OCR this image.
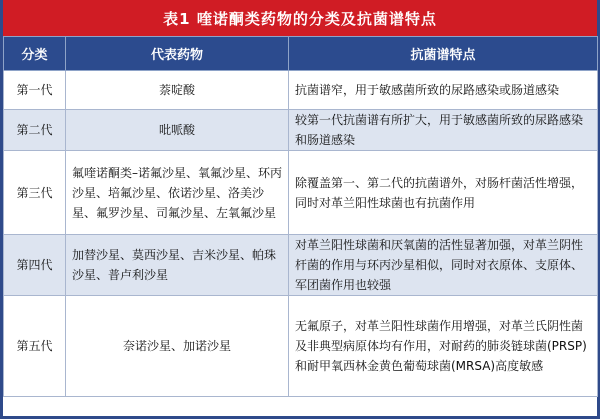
表1 喹诺酮类药物的分类及抗菌谱特点
分类	代表药物	抗菌谱特点
第一代	萘啶酸	抗菌谱窄，用于敏感菌所致的尿路感染或肠道感染
第二代	吡哌酸	较第一代抗菌谱有所扩大，用于敏感菌所致的尿路感染和肠道感染
第三代	氟喹诺酮类–诺氟沙星、氧氟沙星、环丙沙星、培氟沙星、依诺沙星、洛美沙星、氟罗沙星、司氟沙星、左氧氟沙星	除覆盖第一、第二代的抗菌谱外，对肠杆菌活性增强，同时对革兰阳性球菌也有抗菌作用
第四代	加替沙星、莫西沙星、吉米沙星、帕珠沙星、普卢利沙星	对革兰阳性球菌和厌氧菌的活性显著加强，对革兰阴性杆菌的作用与环丙沙星相似，同时对衣原体、支原体、军团菌作用也较强
第五代	奈诺沙星、加诺沙星	无氟原子，对革兰阳性球菌作用增强，对革兰氏阴性菌及非典型病原体均有作用，对耐药的肺炎链球菌(PRSP)和耐甲氧西林金黄色葡萄球菌(MRSA)高度敏感
